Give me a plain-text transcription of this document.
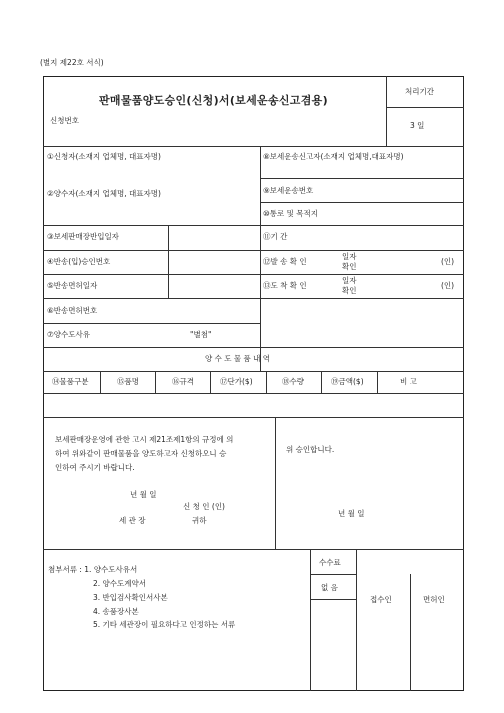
(별지 제22호 서식)
판매물품양도승인(신청)서(보세운송신고겸용)
신청번호
처리기간
3 일
①신청자(소재지 업체명, 대표자명)
②양수자(소재지 업체명, 대표자명)
③보세판매장반입일자
④반송(입)승인번호
⑤반송면허일자
⑥반송면허번호
⑦양수도사유	"별첨"
⑧보세운송신고자(소재지 업체명,대표자명)
⑨보세운송번호
⑩통로 및 목적지
⑪기 간
⑫발 송 확 인
일자
확인
(인)
⑬도 착 확 인
일자
확인
(인)
양 수 도 물 품 내 역
⑭물품구분	⑮품명	⑯규격	⑰단가($)	⑱수량	⑲금액($)	비 고
보세판매장운영에 관한 고시 제21조제1항의 규정에 의
하여 위와같이 판매물품을 양도하고자 신청하오니 승
인하여 주시기 바랍니다.
년 월 일
신 청 인 (인)
세 관 장	귀하
위 승인합니다.
년 월 일
첨부서류 : 1. 양수도사유서
2. 양수도계약서
3. 반입검사확인서사본
4. 송품장사본
5. 기타 세관장이 필요하다고 인정하는 서류
수수료
없 음
접수인	면허인
